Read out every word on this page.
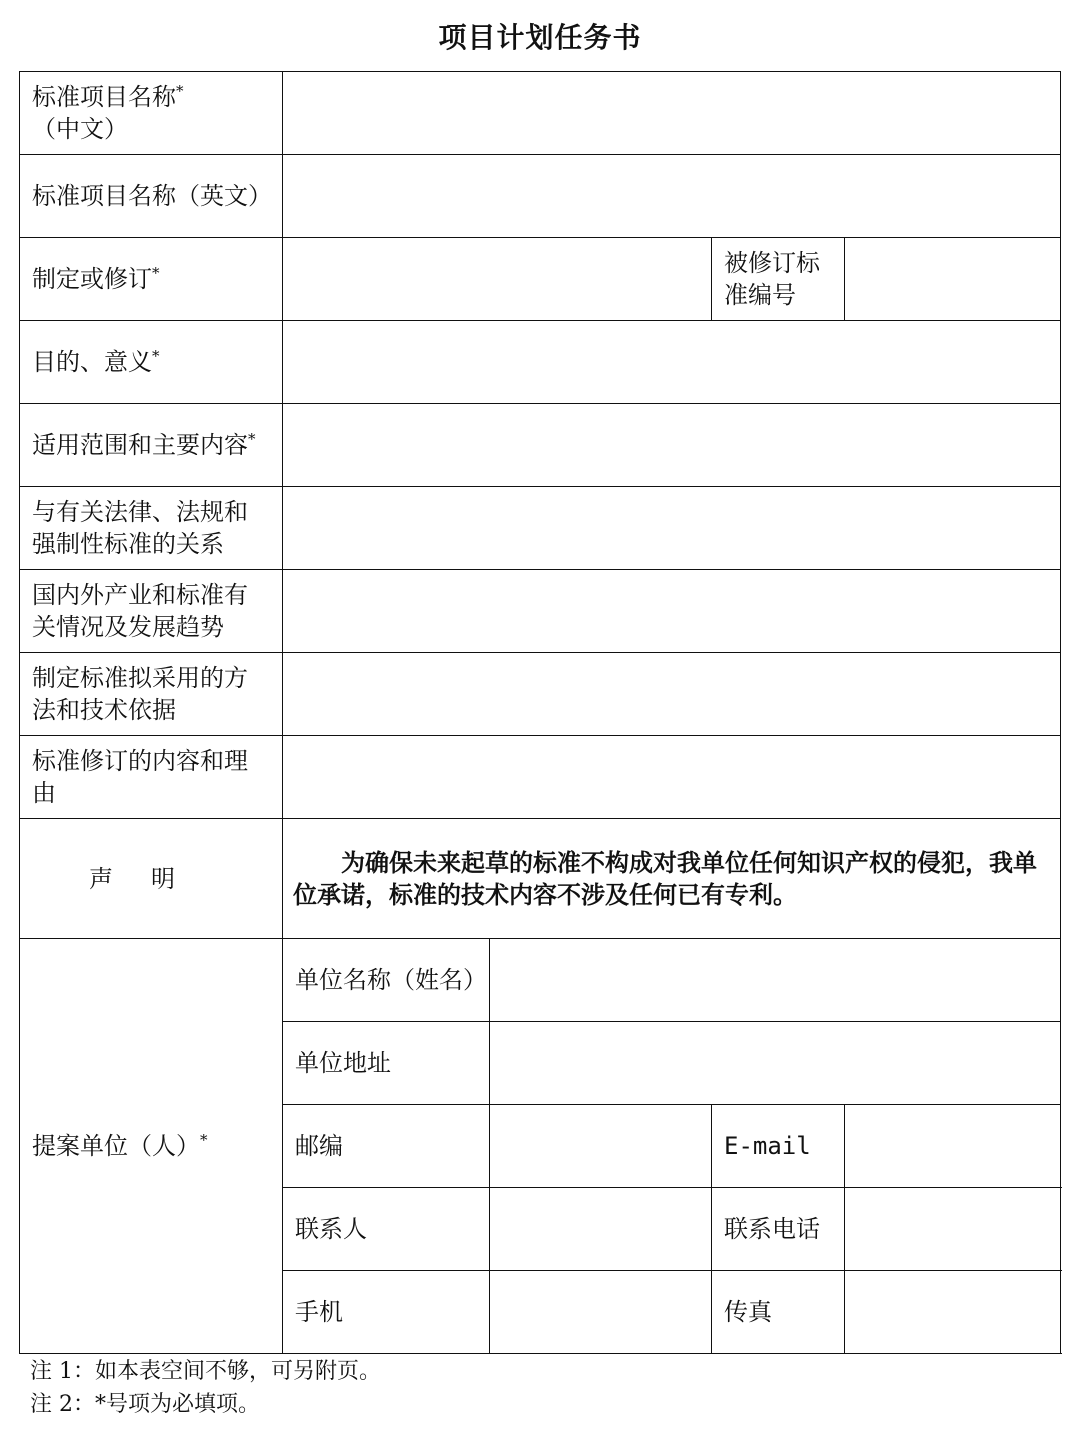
项目计划任务书
标准项目名称*（中文）				
标准项目名称（英文）				
制定或修订*			被修订标准编号	
目的、意义*	
适用范围和主要内容*	
与有关法律、法规和强制性标准的关系				
国内外产业和标准有关情况及发展趋势				
制定标准拟采用的方法和技术依据				
标准修订的内容和理由				
声明	为确保未来起草的标准不构成对我单位任何知识产权的侵犯，我单位承诺，标准的技术内容不涉及任何已有专利。			

提案单位（人）*	单位名称（姓名）			
	单位地址			
	邮编		E-mail	
	联系人		联系电话	
	手机		传真	
注 1：如本表空间不够，可另附页。
注 2：*号项为必填项。
